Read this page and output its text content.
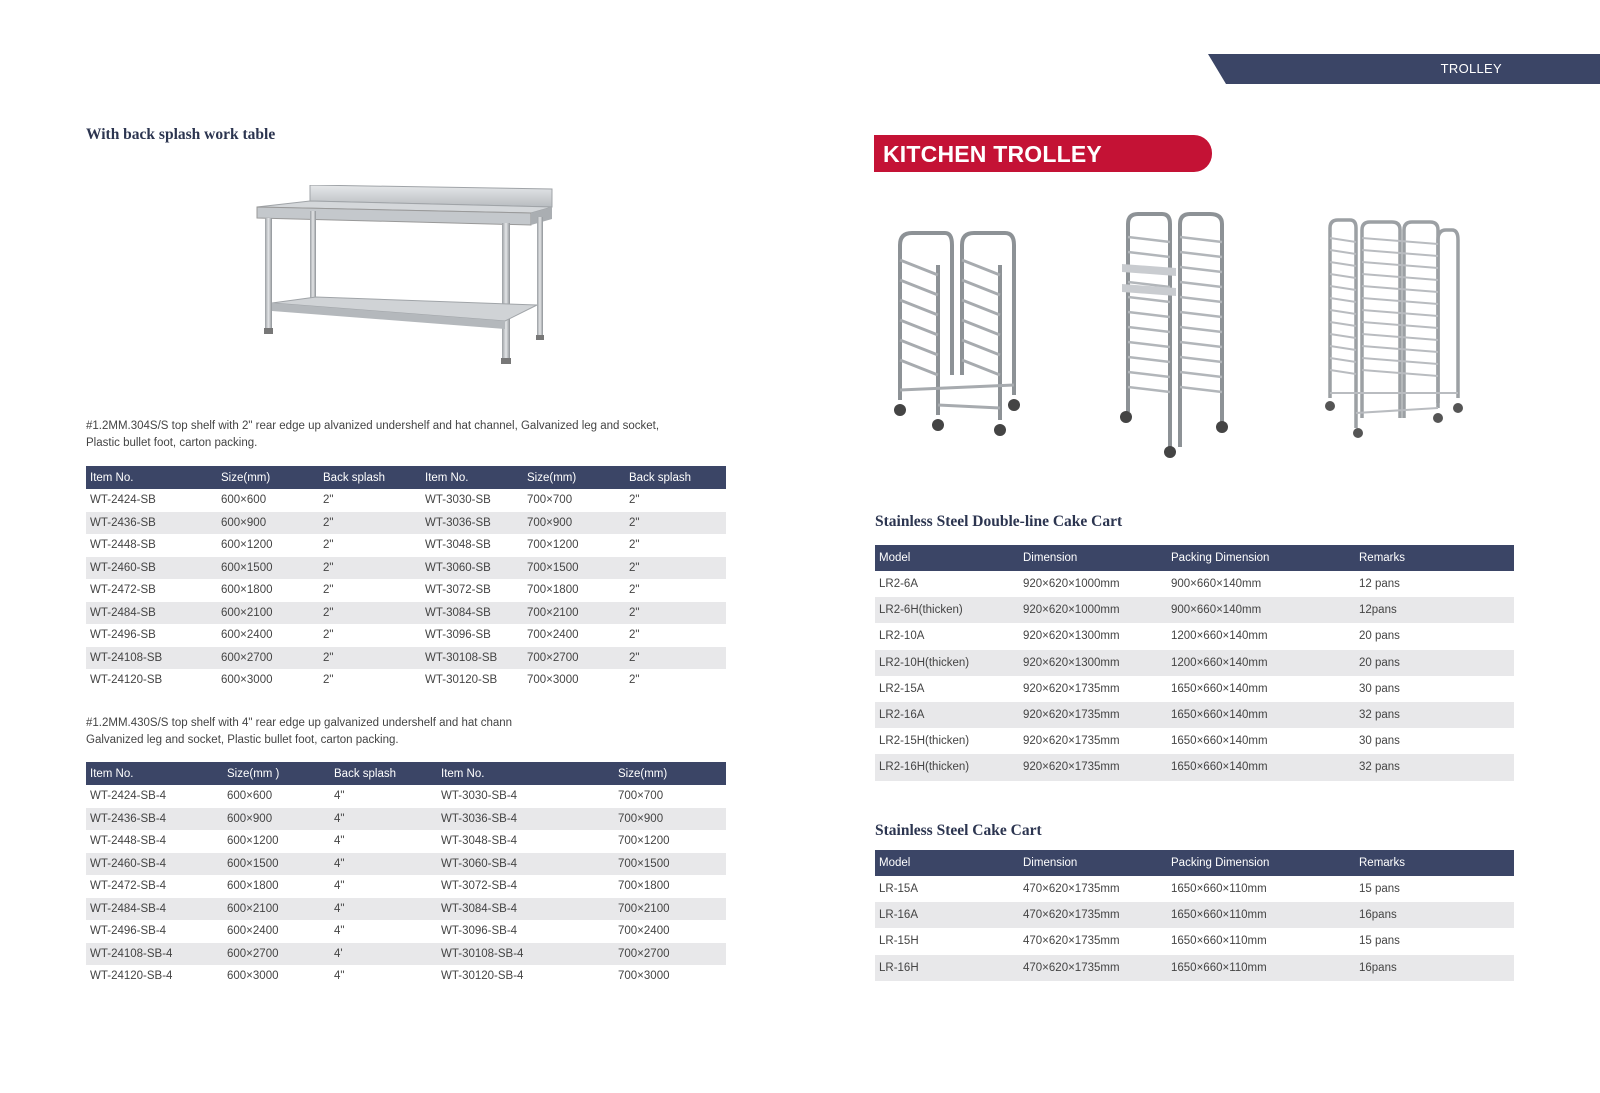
TROLLEY
With back splash work table
#1.2MM.304S/S top shelf with 2" rear edge up alvanized undershelf and hat channel, Galvanized leg and socket, Plastic bullet foot, carton packing.
Item No.	Size(mm)	Back splash	Item No.	Size(mm)	Back splash
WT-2424-SB	600×600	2"	WT-3030-SB	700×700	2"
WT-2436-SB	600×900	2"	WT-3036-SB	700×900	2"
WT-2448-SB	600×1200	2"	WT-3048-SB	700×1200	2"
WT-2460-SB	600×1500	2"	WT-3060-SB	700×1500	2"
WT-2472-SB	600×1800	2"	WT-3072-SB	700×1800	2"
WT-2484-SB	600×2100	2"	WT-3084-SB	700×2100	2"
WT-2496-SB	600×2400	2"	WT-3096-SB	700×2400	2"
WT-24108-SB	600×2700	2"	WT-30108-SB	700×2700	2"
WT-24120-SB	600×3000	2"	WT-30120-SB	700×3000	2"
#1.2MM.430S/S top shelf with 4" rear edge up galvanized undershelf and hat chann
Galvanized leg and socket, Plastic bullet foot, carton packing.
Item No.	Size(mm )	Back splash	Item No.	Size(mm)
WT-2424-SB-4	600×600	4"	WT-3030-SB-4	700×700
WT-2436-SB-4	600×900	4"	WT-3036-SB-4	700×900
WT-2448-SB-4	600×1200	4"	WT-3048-SB-4	700×1200
WT-2460-SB-4	600×1500	4"	WT-3060-SB-4	700×1500
WT-2472-SB-4	600×1800	4"	WT-3072-SB-4	700×1800
WT-2484-SB-4	600×2100	4"	WT-3084-SB-4	700×2100
WT-2496-SB-4	600×2400	4"	WT-3096-SB-4	700×2400
WT-24108-SB-4	600×2700	4'	WT-30108-SB-4	700×2700
WT-24120-SB-4	600×3000	4"	WT-30120-SB-4	700×3000
KITCHEN TROLLEY
Stainless Steel Double-line Cake Cart
Model	Dimension	Packing Dimension	Remarks
LR2-6A	920×620×1000mm	900×660×140mm	12 pans
LR2-6H(thicken)	920×620×1000mm	900×660×140mm	12pans
LR2-10A	920×620×1300mm	1200×660×140mm	20 pans
LR2-10H(thicken)	920×620×1300mm	1200×660×140mm	20 pans
LR2-15A	920×620×1735mm	1650×660×140mm	30 pans
LR2-16A	920×620×1735mm	1650×660×140mm	32 pans
LR2-15H(thicken)	920×620×1735mm	1650×660×140mm	30 pans
LR2-16H(thicken)	920×620×1735mm	1650×660×140mm	32 pans
Stainless Steel Cake Cart
Model	Dimension	Packing Dimension	Remarks
LR-15A	470×620×1735mm	1650×660×110mm	15 pans
LR-16A	470×620×1735mm	1650×660×110mm	16pans
LR-15H	470×620×1735mm	1650×660×110mm	15 pans
LR-16H	470×620×1735mm	1650×660×110mm	16pans
